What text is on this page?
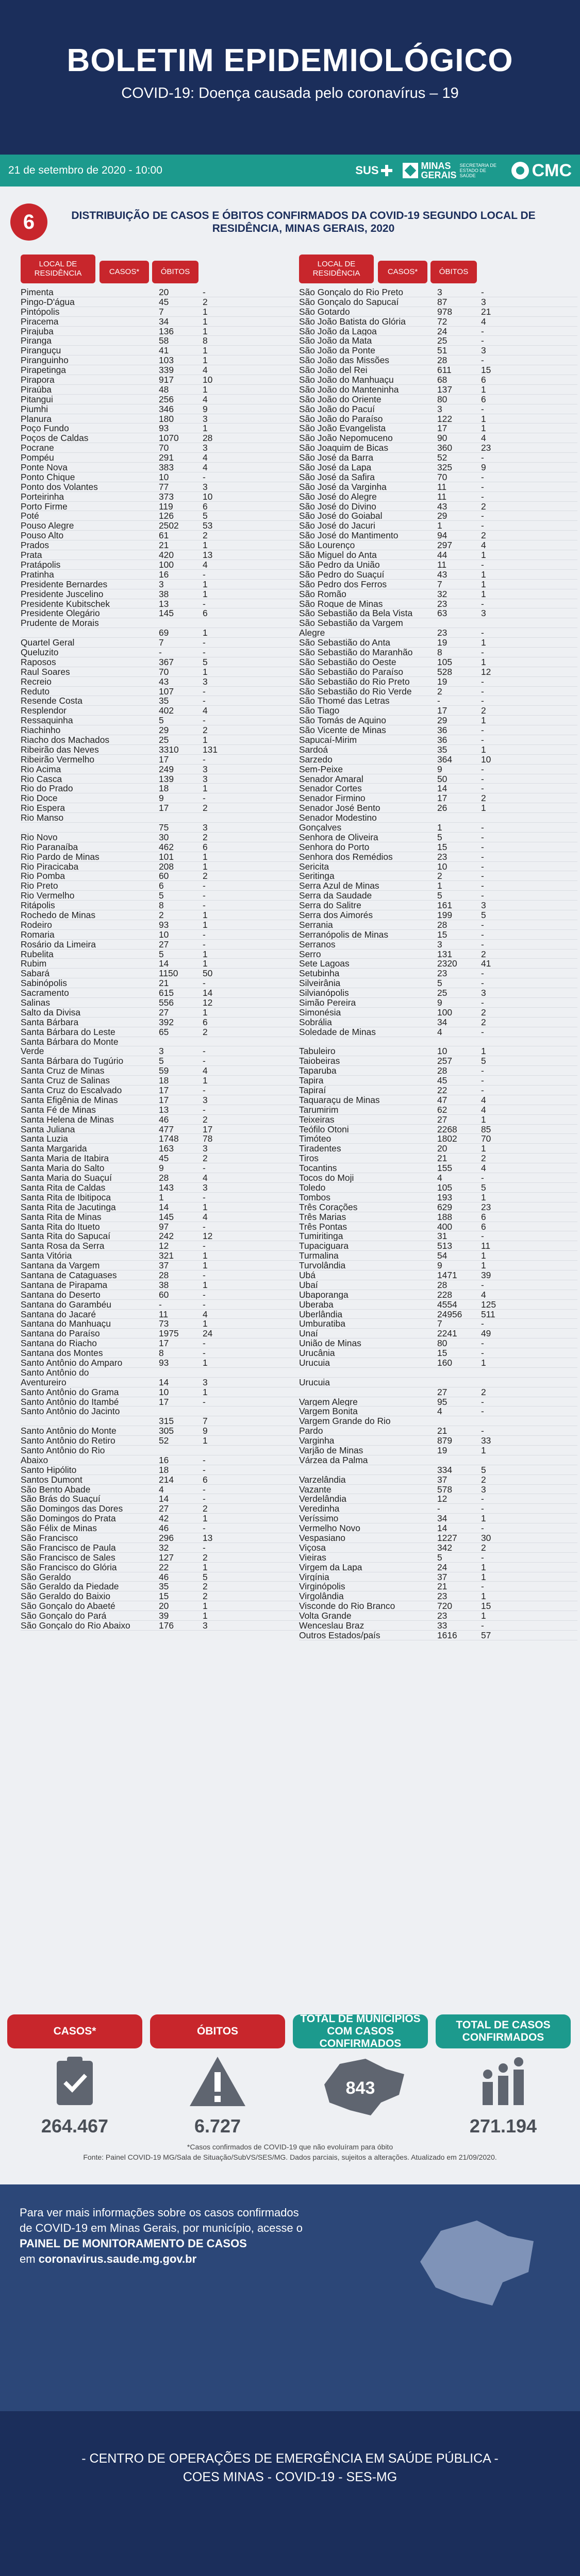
BOLETIM EPIDEMIOLÓGICO
COVID-19: Doença causada pelo coronavírus – 19
21 de setembro de 2020 - 10:00	SUS	MINAS
GERAIS
SECRETARIA DE ESTADO DE SAÚDE	CMC
6	DISTRIBUIÇÃO DE CASOS E ÓBITOS CONFIRMADOS DA COVID-19 SEGUNDO LOCAL DE RESIDÊNCIA, MINAS GERAIS, 2020
LOCAL DE RESIDÊNCIA	CASOS*	ÓBITOS
Pimenta	20	-
Pingo-D'água	45	2
Pintópolis	7	1
Piracema	34	1
Pirajuba	136	1
Piranga	58	8
Piranguçu	41	1
Piranguinho	103	1
Pirapetinga	339	4
Pirapora	917	10
Piraúba	48	1
Pitangui	256	4
Piumhi	346	9
Planura	180	3
Poço Fundo	93	1
Poços de Caldas	1070	28
Pocrane	70	3
Pompéu	291	4
Ponte Nova	383	4
Ponto Chique	10	-
Ponto dos Volantes	77	3
Porteirinha	373	10
Porto Firme	119	6
Poté	126	5
Pouso Alegre	2502	53
Pouso Alto	61	2
Prados	21	1
Prata	420	13
Pratápolis	100	4
Pratinha	16	-
Presidente Bernardes	3	1
Presidente Juscelino	38	1
Presidente Kubitschek	13	-
Presidente Olegário	145	6
Prudente de Morais
69	1
Quartel Geral	7	-
Queluzito	-	-
Raposos	367	5
Raul Soares	70	1
Recreio	43	3
Reduto	107	-
Resende Costa	35	-
Resplendor	402	4
Ressaquinha	5	-
Riachinho	29	2
Riacho dos Machados	25	1
Ribeirão das Neves	3310	131
Ribeirão Vermelho	17	-
Rio Acima	249	3
Rio Casca	139	3
Rio do Prado	18	1
Rio Doce	9	-
Rio Espera	17	2
Rio Manso
75	3
Rio Novo	30	2
Rio Paranaíba	462	6
Rio Pardo de Minas	101	1
Rio Piracicaba	208	1
Rio Pomba	60	2
Rio Preto	6	-
Rio Vermelho	5	-
Ritápolis	8	-
Rochedo de Minas	2	1
Rodeiro	93	1
Romaria	10	-
Rosário da Limeira	27	-
Rubelita	5	1
Rubim	14	1
Sabará	1150	50
Sabinópolis	21	-
Sacramento	615	14
Salinas	556	12
Salto da Divisa	27	1
Santa Bárbara	392	6
Santa Bárbara do Leste	65	2
Santa Bárbara do Monte
Verde	3	-
Santa Bárbara do Tugúrio	5	-
Santa Cruz de Minas	59	4
Santa Cruz de Salinas	18	1
Santa Cruz do Escalvado	17	-
Santa Efigênia de Minas	17	3
Santa Fé de Minas	13	-
Santa Helena de Minas	46	2
Santa Juliana	477	17
Santa Luzia	1748	78
Santa Margarida	163	3
Santa Maria de Itabira	45	2
Santa Maria do Salto	9	-
Santa Maria do Suaçuí	28	4
Santa Rita de Caldas	143	3
Santa Rita de Ibitipoca	1	-
Santa Rita de Jacutinga	14	1
Santa Rita de Minas	145	4
Santa Rita do Itueto	97	-
Santa Rita do Sapucaí	242	12
Santa Rosa da Serra	12	-
Santa Vitória	321	1
Santana da Vargem	37	1
Santana de Cataguases	28	-
Santana de Pirapama	38	1
Santana do Deserto	60	-
Santana do Garambéu	-	-
Santana do Jacaré	11	4
Santana do Manhuaçu	73	1
Santana do Paraíso	1975	24
Santana do Riacho	17	-
Santana dos Montes	8	-
Santo Antônio do Amparo	93	1
Santo Antônio do
Aventureiro	14	3
Santo Antônio do Grama	10	1
Santo Antônio do Itambé	17	-
Santo Antônio do Jacinto
315	7
Santo Antônio do Monte	305	9
Santo Antônio do Retiro	52	1
Santo Antônio do Rio
Abaixo	16	-
Santo Hipólito	18	-
Santos Dumont	214	6
São Bento Abade	4	-
São Brás do Suaçuí	14	-
São Domingos das Dores	27	2
São Domingos do Prata	42	1
São Félix de Minas	46	-
São Francisco	296	13
São Francisco de Paula	32	-
São Francisco de Sales	127	2
São Francisco do Glória	22	1
São Geraldo	46	5
São Geraldo da Piedade	35	2
São Geraldo do Baixio	15	2
São Gonçalo do Abaeté	20	1
São Gonçalo do Pará	39	1
São Gonçalo do Rio Abaixo	176	3
LOCAL DE RESIDÊNCIA	CASOS*	ÓBITOS
São Gonçalo do Rio Preto	3	-
São Gonçalo do Sapucaí	87	3
São Gotardo	978	21
São João Batista do Glória	72	4
São João da Lagoa	24	-
São João da Mata	25	-
São João da Ponte	51	3
São João das Missões	28	-
São João del Rei	611	15
São João do Manhuaçu	68	6
São João do Manteninha	137	1
São João do Oriente	80	6
São João do Pacuí	3	-
São João do Paraíso	122	1
São João Evangelista	17	1
São João Nepomuceno	90	4
São Joaquim de Bicas	360	23
São José da Barra	52	-
São José da Lapa	325	9
São José da Safira	70	-
São José da Varginha	11	-
São José do Alegre	11	-
São José do Divino	43	2
São José do Goiabal	29	-
São José do Jacuri	1	-
São José do Mantimento	94	2
São Lourenço	297	4
São Miguel do Anta	44	1
São Pedro da União	11	-
São Pedro do Suaçuí	43	1
São Pedro dos Ferros	7	1
São Romão	32	1
São Roque de Minas	23	-
São Sebastião da Bela Vista	63	3
São Sebastião da Vargem
Alegre	23	-
São Sebastião do Anta	19	1
São Sebastião do Maranhão	8	-
São Sebastião do Oeste	105	1
São Sebastião do Paraíso	528	12
São Sebastião do Rio Preto	19	-
São Sebastião do Rio Verde	2	-
São Thomé das Letras	-	-
São Tiago	17	2
São Tomás de Aquino	29	1
São Vicente de Minas	36	-
Sapucaí-Mirim	36	-
Sardoá	35	1
Sarzedo	364	10
Sem-Peixe	9	-
Senador Amaral	50	-
Senador Cortes	14	-
Senador Firmino	17	2
Senador José Bento	26	1
Senador Modestino
Gonçalves	1	-
Senhora de Oliveira	5	-
Senhora do Porto	15	-
Senhora dos Remédios	23	-
Sericita	10	-
Seritinga	2	-
Serra Azul de Minas	1	-
Serra da Saudade	5	-
Serra do Salitre	161	3
Serra dos Aimorés	199	5
Serrania	28	-
Serranópolis de Minas	15	-
Serranos	3	-
Serro	131	2
Sete Lagoas	2320	41
Setubinha	23	-
Silveirânia	5	-
Silvianópolis	25	3
Simão Pereira	9	-
Simonésia	100	2
Sobrália	34	2
Soledade de Minas	4	-
Tabuleiro	10	1
Taiobeiras	257	5
Taparuba	28	-
Tapira	45	-
Tapiraí	22	-
Taquaraçu de Minas	47	4
Tarumirim	62	4
Teixeiras	27	1
Teófilo Otoni	2268	85
Timóteo	1802	70
Tiradentes	20	1
Tiros	21	2
Tocantins	155	4
Tocos do Moji	4	-
Toledo	105	5
Tombos	193	1
Três Corações	629	23
Três Marias	188	6
Três Pontas	400	6
Tumiritinga	31	-
Tupaciguara	513	11
Turmalina	54	1
Turvolândia	9	1
Ubá	1471	39
Ubaí	28	-
Ubaporanga	228	4
Uberaba	4554	125
Uberlândia	24956	511
Umburatiba	7	-
Unaí	2241	49
União de Minas	80	-
Urucânia	15	-
Urucuia	160	1
Urucuia
27	2
Vargem Alegre	95	-
Vargem Bonita	4	-
Vargem Grande do Rio
Pardo	21	-
Varginha	879	33
Varjão de Minas	19	1
Várzea da Palma
334	5
Varzelândia	37	2
Vazante	578	3
Verdelândia	12	-
Veredinha	-	-
Veríssimo	34	1
Vermelho Novo	14	-
Vespasiano	1227	30
Viçosa	342	2
Vieiras	5	-
Virgem da Lapa	24	1
Virgínia	37	1
Virginópolis	21	-
Virgolândia	23	1
Visconde do Rio Branco	720	15
Volta Grande	23	1
Wenceslau Braz	33	-
Outros Estados/país	1616	57
CASOS*
264.467
ÓBITOS
6.727
TOTAL DE MUNICÍPIOS COM CASOS CONFIRMADOS
843
TOTAL DE CASOS CONFIRMADOS
271.194
*Casos confirmados de COVID-19 que não evoluíram para óbito
Fonte: Painel COVID-19 MG/Sala de Situação/SubVS/SES/MG. Dados parciais, sujeitos a alterações. Atualizado em 21/09/2020.

Para ver mais informações sobre os casos confirmados de COVID-19 em Minas Gerais, por município, acesse o
PAINEL DE MONITORAMENTO DE CASOS
em coronavirus.saude.mg.gov.br

- CENTRO DE OPERAÇÕES DE EMERGÊNCIA EM SAÚDE PÚBLICA -
COES MINAS - COVID-19 - SES-MG
